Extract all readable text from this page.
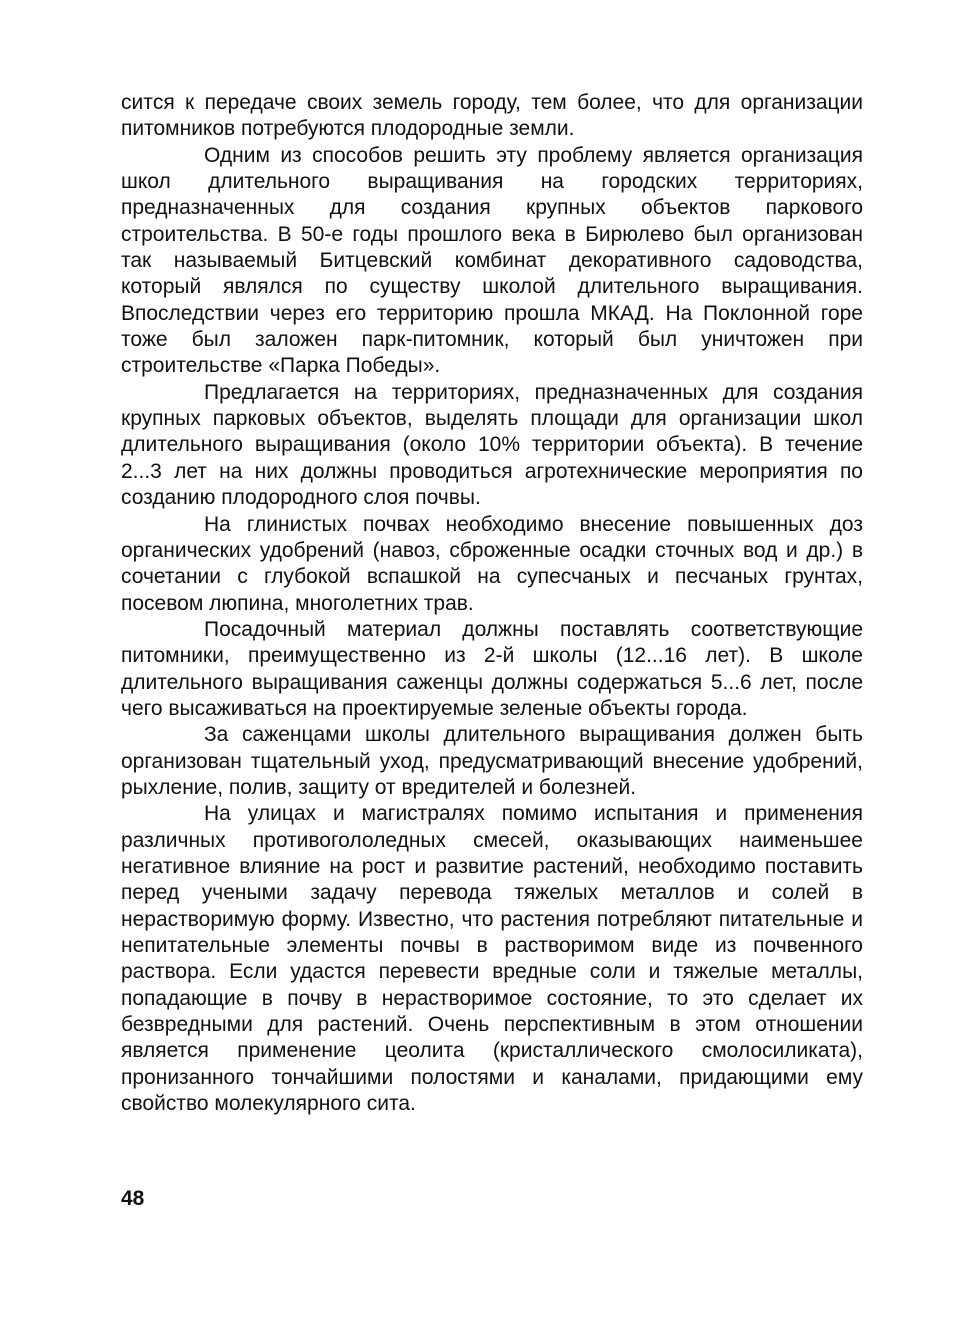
ситcя к передаче своих земель городу, тем более, что для организации питомников потребуются плодородные земли.

Одним из способов решить эту проблему является организация школ длительного выращивания на городских территориях, предназначенных для создания крупных объектов паркового строительства. В 50-е годы прошлого века в Бирюлево был организован так называемый Битцевский комбинат декоративного садоводства, который являлся по существу школой длительного выращивания. Впоследствии через его территорию прошла МКАД. На Поклонной горе тоже был заложен парк-питомник, который был уничтожен при строительстве «Парка Победы».

Предлагается на территориях, предназначенных для создания крупных парковых объектов, выделять площади для организации школ длительного выращивания (около 10% территории объекта). В течение 2...3 лет на них должны проводиться агротехнические мероприятия по созданию плодородного слоя почвы.

На глинистых почвах необходимо внесение повышенных доз органических удобрений (навоз, сброженные осадки сточных вод и др.) в сочетании с глубокой вспашкой на супесчаных и песчаных грунтах, посевом люпина, многолетних трав.

Посадочный материал должны поставлять соответствующие питомники, преимущественно из 2-й школы (12...16 лет). В школе длительного выращивания саженцы должны содержаться 5...6 лет, после чего высаживаться на проектируемые зеленые объекты города.

За саженцами школы длительного выращивания должен быть организован тщательный уход, предусматривающий внесение удобрений, рыхление, полив, защиту от вредителей и болезней.

На улицах и магистралях помимо испытания и применения различных противогололедных смесей, оказывающих наименьшее негативное влияние на рост и развитие растений, необходимо поставить перед учеными задачу перевода тяжелых металлов и солей в нерастворимую форму. Известно, что растения потребляют питательные и непитательные элементы почвы в растворимом виде из почвенного раствора. Если удастся перевести вредные соли и тяжелые металлы, попадающие в почву в нерастворимое состояние, то это сделает их безвредными для растений. Очень перспективным в этом отношении является применение цеолита (кристаллического смолосиликата), пронизанного тончайшими полостями и каналами, придающими ему свойство молекулярного сита.

48
